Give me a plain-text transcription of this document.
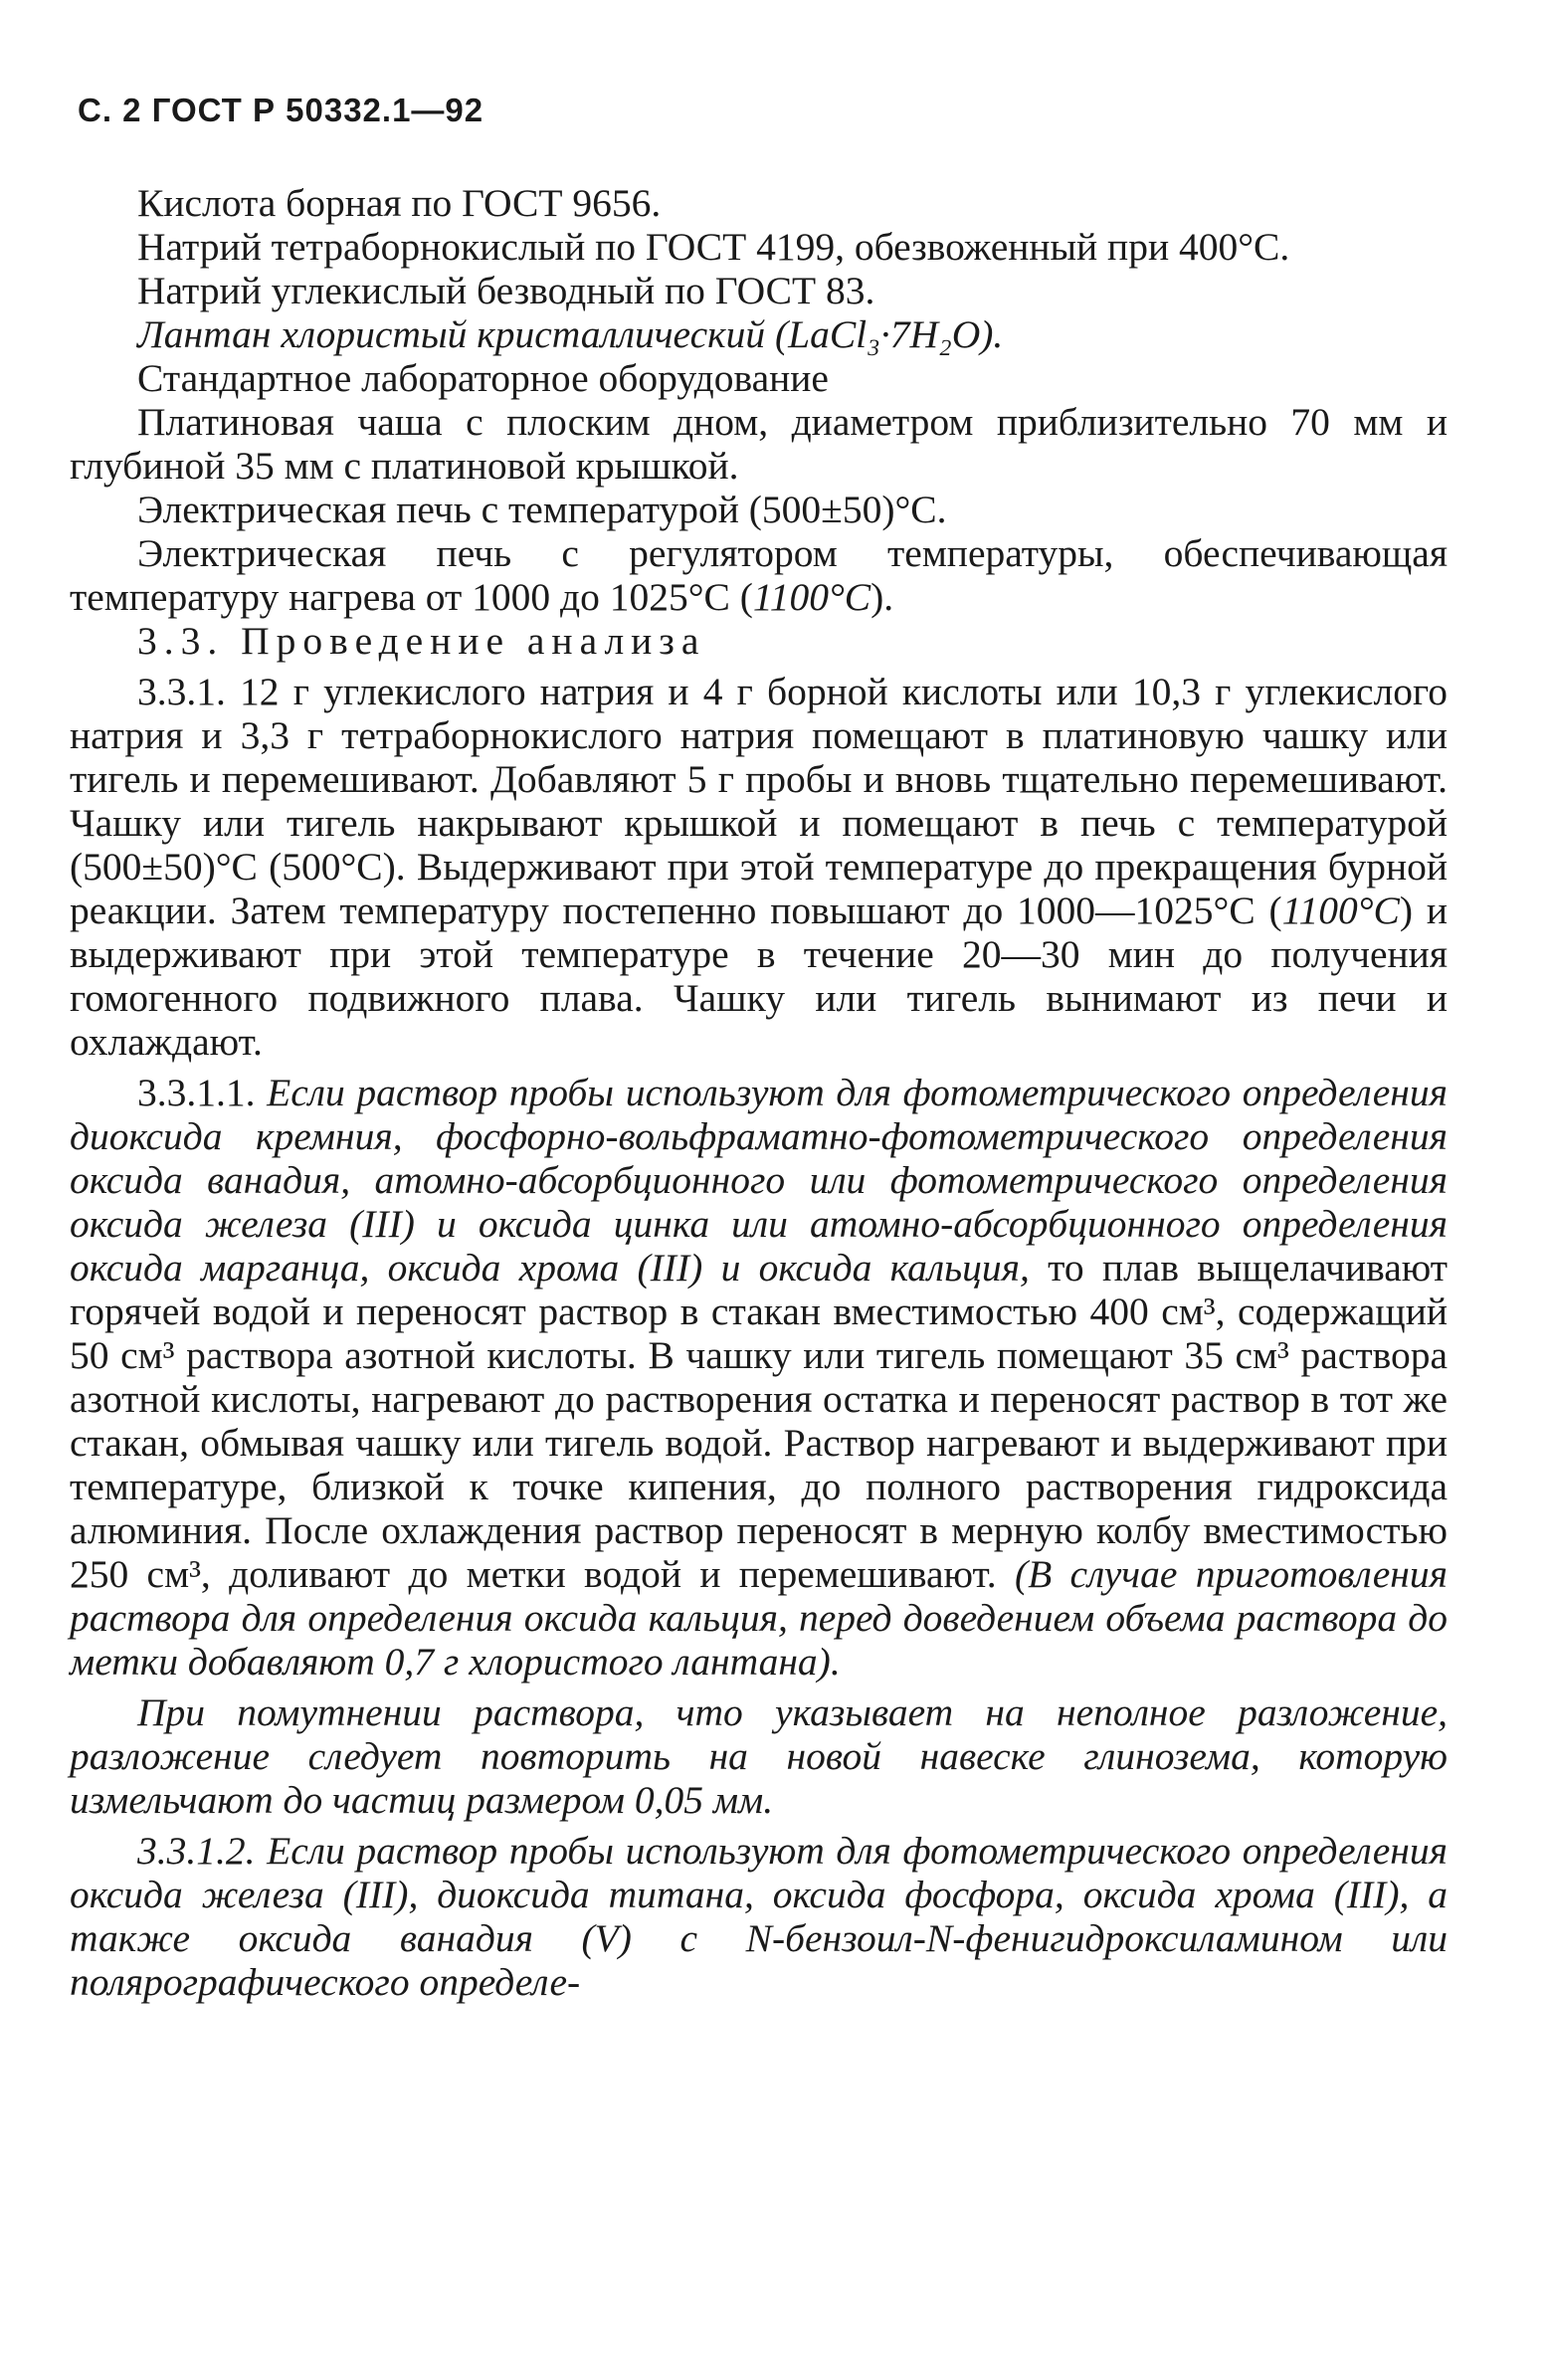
С. 2 ГОСТ Р 50332.1—92

Кислота борная по ГОСТ 9656.

Натрий тетраборнокислый по ГОСТ 4199, обезвоженный при 400°С.

Натрий углекислый безводный по ГОСТ 83.

Лантан хлористый кристаллический (LaCl₃·7H₂O).

Стандартное лабораторное оборудование

Платиновая чаша с плоским дном, диаметром приблизительно 70 мм и глубиной 35 мм с платиновой крышкой.

Электрическая печь с температурой (500±50)°С.

Электрическая печь с регулятором температуры, обеспечивающая температуру нагрева от 1000 до 1025°С (1100°С).

3.3. Проведение анализа

3.3.1. 12 г углекислого натрия и 4 г борной кислоты или 10,3 г углекислого натрия и 3,3 г тетраборнокислого натрия помещают в платиновую чашку или тигель и перемешивают. Добавляют 5 г пробы и вновь тщательно перемешивают. Чашку или тигель накрывают крышкой и помещают в печь с температурой (500±50)°С (500°С). Выдерживают при этой температуре до прекращения бурной реакции. Затем температуру постепенно повышают до 1000—1025°С (1100°С) и выдерживают при этой температуре в течение 20—30 мин до получения гомогенного подвижного плава. Чашку или тигель вынимают из печи и охлаждают.

3.3.1.1. Если раствор пробы используют для фотометрического определения диоксида кремния, фосфорно-вольфраматно-фотометрического определения оксида ванадия, атомно-абсорбционного или фотометрического определения оксида железа (III) и оксида цинка или атомно-абсорбционного определения оксида марганца, оксида хрома (III) и оксида кальция, то плав выщелачивают горячей водой и переносят раствор в стакан вместимостью 400 см³, содержащий 50 см³ раствора азотной кислоты. В чашку или тигель помещают 35 см³ раствора азотной кислоты, нагревают до растворения остатка и переносят раствор в тот же стакан, обмывая чашку или тигель водой. Раствор нагревают и выдерживают при температуре, близкой к точке кипения, до полного растворения гидроксида алюминия. После охлаждения раствор переносят в мерную колбу вместимостью 250 см³, доливают до метки водой и перемешивают. (В случае приготовления раствора для определения оксида кальция, перед доведением объема раствора до метки добавляют 0,7 г хлористого лантана).

При помутнении раствора, что указывает на неполное разложение, разложение следует повторить на новой навеске глинозема, которую измельчают до частиц размером 0,05 мм.

3.3.1.2. Если раствор пробы используют для фотометрического определения оксида железа (III), диоксида титана, оксида фосфора, оксида хрома (III), а также оксида ванадия (V) с N-бензоил-N-фенигидроксиламином или полярографического определе-
